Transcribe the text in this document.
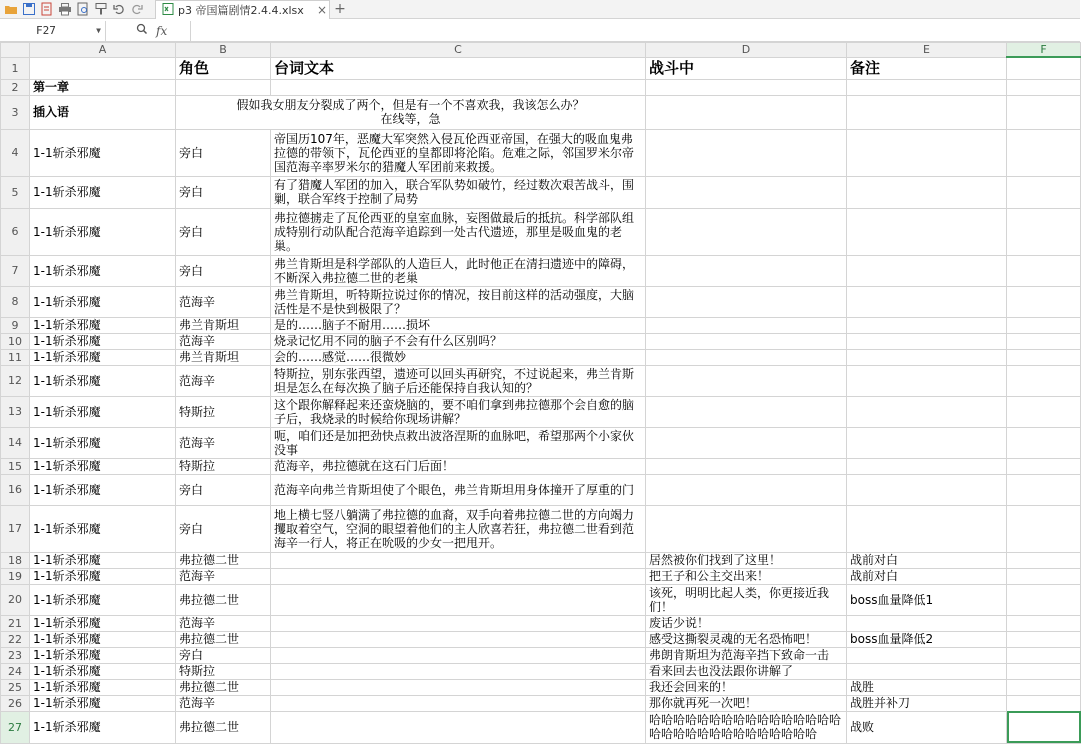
p3 帝国篇剧情2.4.4.xlsx	× +
F27	▼	fx
	A	B	C	D	E	F
1		角色	台词文本	战斗中	备注	
2	第一章					
3	插入语	假如我女朋友分裂成了两个，但是有一个不喜欢我，我该怎么办？
在线等，急				
4	1-1斩杀邪魔	旁白	帝国历107年，恶魔大军突然入侵瓦伦西亚帝国，在强大的吸血鬼弗拉德的带领下，瓦伦西亚的皇都即将沦陷。危难之际，邻国罗米尔帝国范海辛率罗米尔的猎魔人军团前来救援。			
5	1-1斩杀邪魔	旁白	有了猎魔人军团的加入，联合军队势如破竹，经过数次艰苦战斗，围剿，联合军终于控制了局势			
6	1-1斩杀邪魔	旁白	弗拉德掳走了瓦伦西亚的皇室血脉，妄图做最后的抵抗。科学部队组成特别行动队配合范海辛追踪到一处古代遗迹，那里是吸血鬼的老巢。			
7	1-1斩杀邪魔	旁白	弗兰肯斯坦是科学部队的人造巨人，此时他正在清扫遗迹中的障碍，不断深入弗拉德二世的老巢			
8	1-1斩杀邪魔	范海辛	弗兰肯斯坦，听特斯拉说过你的情况，按目前这样的活动强度，大脑活性是不是快到极限了？			
9	1-1斩杀邪魔	弗兰肯斯坦	是的……脑子不耐用……损坏			
10	1-1斩杀邪魔	范海辛	烧录记忆用不同的脑子不会有什么区别吗？			
11	1-1斩杀邪魔	弗兰肯斯坦	会的……感觉……很微妙			
12	1-1斩杀邪魔	范海辛	特斯拉，别东张西望，遗迹可以回头再研究，不过说起来，弗兰肯斯坦是怎么在每次换了脑子后还能保持自我认知的？			
13	1-1斩杀邪魔	特斯拉	这个跟你解释起来还蛮烧脑的，要不咱们拿到弗拉德那个会自愈的脑子后，我烧录的时候给你现场讲解？			
14	1-1斩杀邪魔	范海辛	呃，咱们还是加把劲快点救出波洛涅斯的血脉吧，希望那两个小家伙没事			
15	1-1斩杀邪魔	特斯拉	范海辛，弗拉德就在这石门后面！			
16	1-1斩杀邪魔	旁白	范海辛向弗兰肯斯坦使了个眼色，弗兰肯斯坦用身体撞开了厚重的门			
17	1-1斩杀邪魔	旁白	地上横七竖八躺满了弗拉德的血裔，双手向着弗拉德二世的方向竭力攫取着空气，空洞的眼望着他们的主人欣喜若狂，弗拉德二世看到范海辛一行人，将正在吮吸的少女一把甩开。			
18	1-1斩杀邪魔	弗拉德二世		居然被你们找到了这里！	战前对白	
19	1-1斩杀邪魔	范海辛		把王子和公主交出来！	战前对白	
20	1-1斩杀邪魔	弗拉德二世		该死，明明比起人类，你更接近我们！	boss血量降低1	
21	1-1斩杀邪魔	范海辛		废话少说！		
22	1-1斩杀邪魔	弗拉德二世		感受这撕裂灵魂的无名恐怖吧！	boss血量降低2	
23	1-1斩杀邪魔	旁白		弗朗肯斯坦为范海辛挡下致命一击		
24	1-1斩杀邪魔	特斯拉		看来回去也没法跟你讲解了		
25	1-1斩杀邪魔	弗拉德二世		我还会回来的！	战胜	
26	1-1斩杀邪魔	范海辛		那你就再死一次吧！	战胜并补刀	
27	1-1斩杀邪魔	弗拉德二世		哈哈哈哈哈哈哈哈哈哈哈哈哈哈哈哈哈哈哈哈哈哈哈哈哈哈哈哈哈哈	战败	
